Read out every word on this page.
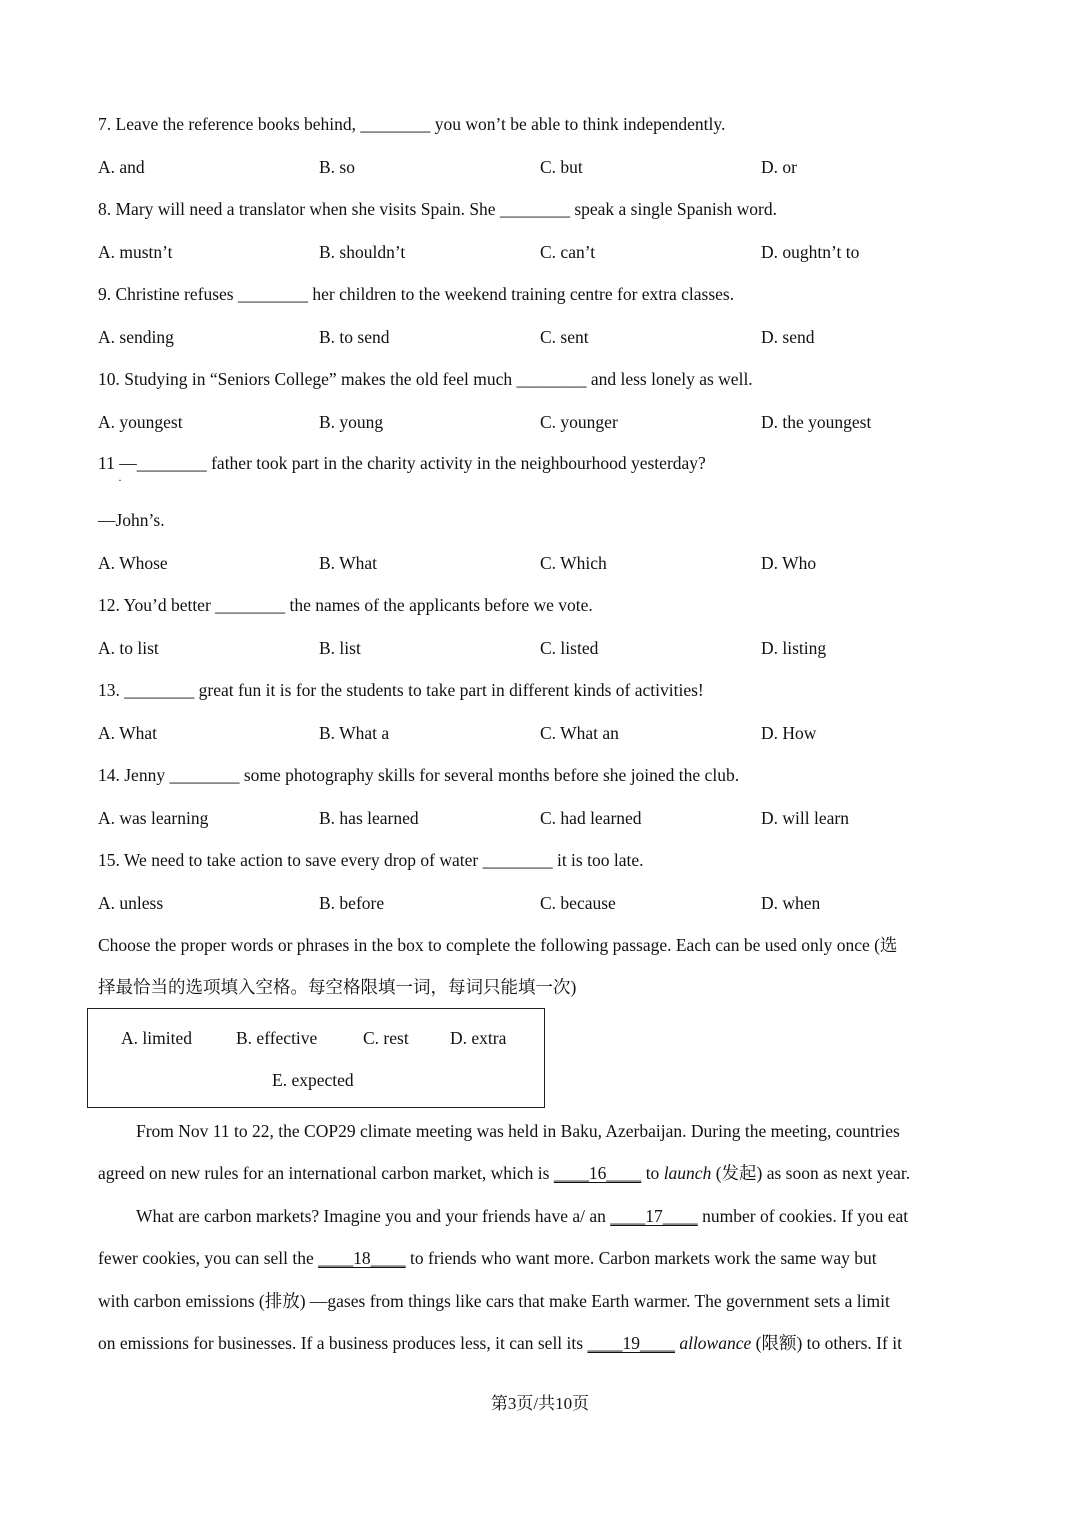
7. Leave the reference books behind, ________ you won’t be able to think independently.
A. and	B. so	C. but	D. or
8. Mary will need a translator when she visits Spain. She ________ speak a single Spanish word.
A. mustn’t	B. shouldn’t	C. can’t	D. oughtn’t to
9. Christine refuses ________ her children to the weekend training centre for extra classes.
A. sending	B. to send	C. sent	D. send
10. Studying in “Seniors College” makes the old feel much ________ and less lonely as well.
A. youngest	B. young	C. younger	D. the youngest
11 —________ father took part in the charity activity in the neighbourhood yesterday?
·
—John’s.
A. Whose	B. What	C. Which	D. Who
12. You’d better ________ the names of the applicants before we vote.
A. to list	B. list	C. listed	D. listing
13. ________ great fun it is for the students to take part in different kinds of activities!
A. What	B. What a	C. What an	D. How
14. Jenny ________ some photography skills for several months before she joined the club.
A. was learning	B. has learned	C. had learned	D. will learn
15. We need to take action to save every drop of water ________ it is too late.
A. unless	B. before	C. because	D. when
Choose the proper words or phrases in the box to complete the following passage. Each can be used only once (选
择最恰当的选项填入空格。每空格限填一词，每词只能填一次)
A. limited	B. effective	C. rest D. extra
E. expected
From Nov 11 to 22, the COP29 climate meeting was held in Baku, Azerbaijan. During the meeting, countries
agreed on new rules for an international carbon market, which is ____16____ to launch (发起) as soon as next year.
What are carbon markets? Imagine you and your friends have a/ an ____17____ number of cookies. If you eat
fewer cookies, you can sell the ____18____ to friends who want more. Carbon markets work the same way but
with carbon emissions (排放) —gases from things like cars that make Earth warmer. The government sets a limit
on emissions for businesses. If a business produces less, it can sell its ____19____ allowance (限额) to others. If it
第3页/共10页
